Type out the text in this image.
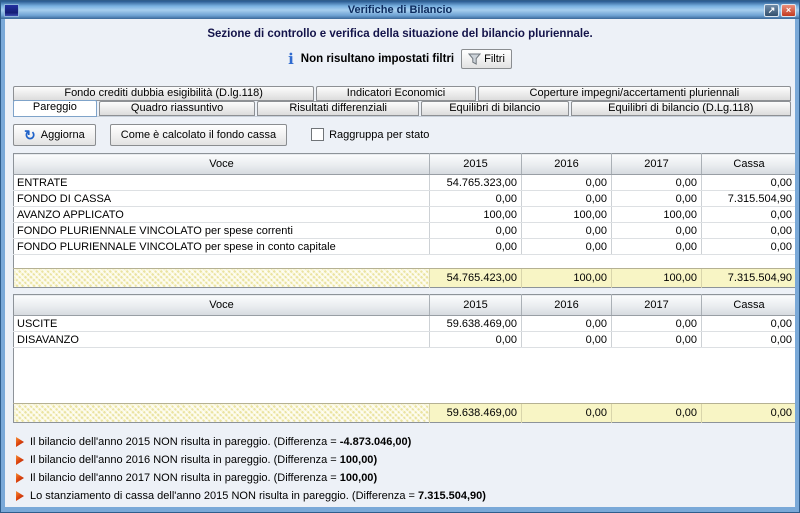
Verifiche di Bilancio	↗	×
Sezione di controllo e verifica della situazione del bilancio pluriennale.
ℹ Non risultano impostati filtri	Filtri
Fondo crediti dubbia esigibilità (D.lg.118)	Indicatori Economici	Coperture impegni/accertamenti pluriennali
Pareggio	Quadro riassuntivo	Risultati differenziali	Equilibri di bilancio	Equilibri di bilancio (D.Lg.118)
↻ Aggiorna	Come è calcolato il fondo cassa	Raggruppa per stato
Voce	2015	2016	2017	Cassa
ENTRATE	54.765.323,00	0,00	0,00	0,00
FONDO DI CASSA	0,00	0,00	0,00	7.315.504,90
AVANZO APPLICATO	100,00	100,00	100,00	0,00
FONDO PLURIENNALE VINCOLATO per spese correnti	0,00	0,00	0,00	0,00
FONDO PLURIENNALE VINCOLATO per spese in conto capitale	0,00	0,00	0,00	0,00

	54.765.423,00	100,00	100,00	7.315.504,90
Voce	2015	2016	2017	Cassa
USCITE	59.638.469,00	0,00	0,00	0,00
DISAVANZO	0,00	0,00	0,00	0,00

	59.638.469,00	0,00	0,00	0,00
Il bilancio dell'anno 2015 NON risulta in pareggio. (Differenza = -4.873.046,00)
Il bilancio dell'anno 2016 NON risulta in pareggio. (Differenza = 100,00)
Il bilancio dell'anno 2017 NON risulta in pareggio. (Differenza = 100,00)
Lo stanziamento di cassa dell'anno 2015 NON risulta in pareggio. (Differenza = 7.315.504,90)
